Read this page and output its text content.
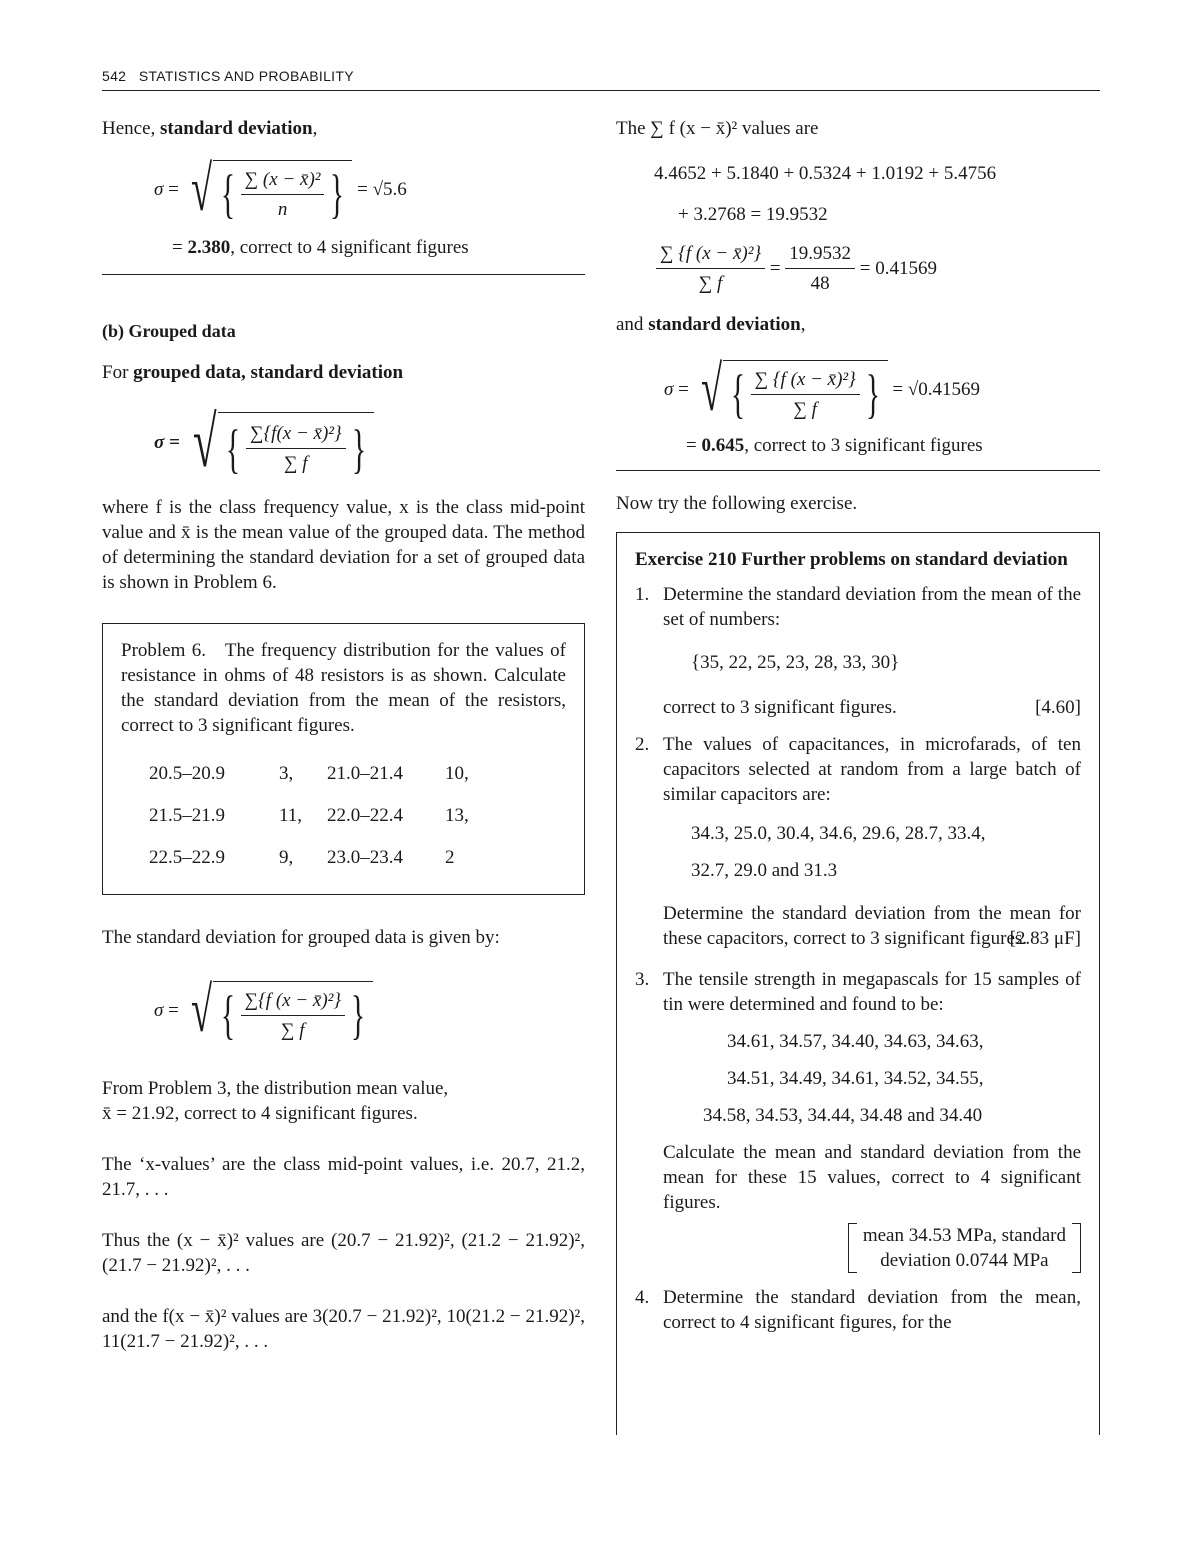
542 STATISTICS AND PROBABILITY

Hence, standard deviation,

σ = √ { $\frac{\text{∑ (x − x̄)²}}{n}$ }
= √5.6

= 2.380, correct to 4 significant figures

(b) Grouped data

For grouped data, standard deviation

σ =
√ { $\frac{\text{∑\{f(x − x̄)²\}}}{\sum f}$ }

where f is the class frequency value, x is the class mid-point value and x̄ is the mean value of the grouped data. The method of determining the standard deviation for a set of grouped data is shown in Problem 6.

Problem 6. The frequency distribution for the values of resistance in ohms of 48 resistors is as shown. Calculate the standard deviation from the mean of the resistors, correct to 3 significant figures.

20.5–20.9	3,	21.0–21.4	10,
21.5–21.9	11,	22.0–22.4	13,
22.5–22.9	9,	23.0–23.4	2

The standard deviation for grouped data is given by:

σ = √ { $\frac{\text{∑\{f (x − x̄)²\}}}{\sum f}$ }

From Problem 3, the distribution mean value,

x̄ = 21.92, correct to 4 significant figures.

The ‘x-values’ are the class mid-point values, i.e. 20.7, 21.2, 21.7, . . .

Thus the (x − x̄)² values are (20.7 − 21.92)², (21.2 − 21.92)², (21.7 − 21.92)², . . .

and the f(x − x̄)² values are 3(20.7 − 21.92)², 10(21.2 − 21.92)², 11(21.7 − 21.92)², . . .

The ∑ f (x − x̄)² values are

4.4652 + 5.1840 + 0.5324 + 1.0192 + 5.4756

+ 3.2768 = 19.9532

$\frac{\text{∑ \{f (x − x̄)²\}}}{\sum f} = \frac{19.9532}{48}$
= 0.41569

and standard deviation,

σ = √ { $\frac{\text{∑ \{f (x − x̄)²\}}}{\sum f}$ }
= √0.41569

= 0.645, correct to 3 significant figures

Now try the following exercise.

Exercise 210 Further problems on standard deviation

1. Determine the standard deviation from the mean of the set of numbers:

{35, 22, 25, 23, 28, 33, 30}

correct to 3 significant figures.	[4.60]

2. The values of capacitances, in microfarads, of ten capacitors selected at random from a large batch of similar capacitors are:

34.3, 25.0, 30.4, 34.6, 29.6, 28.7, 33.4,

32.7, 29.0 and 31.3

Determine the standard deviation from the mean for these capacitors, correct to 3 significant figures.

[2.83 μF]

3. The tensile strength in megapascals for 15 samples of tin were determined and found to be:

34.61, 34.57, 34.40, 34.63, 34.63,

34.51, 34.49, 34.61, 34.52, 34.55,

34.58, 34.53, 34.44, 34.48 and 34.40

Calculate the mean and standard deviation from the mean for these 15 values, correct to 4 significant figures.

mean 34.53 MPa, standard
deviation 0.0744 MPa
4. Determine the standard deviation from the mean, correct to 4 significant figures, for the
